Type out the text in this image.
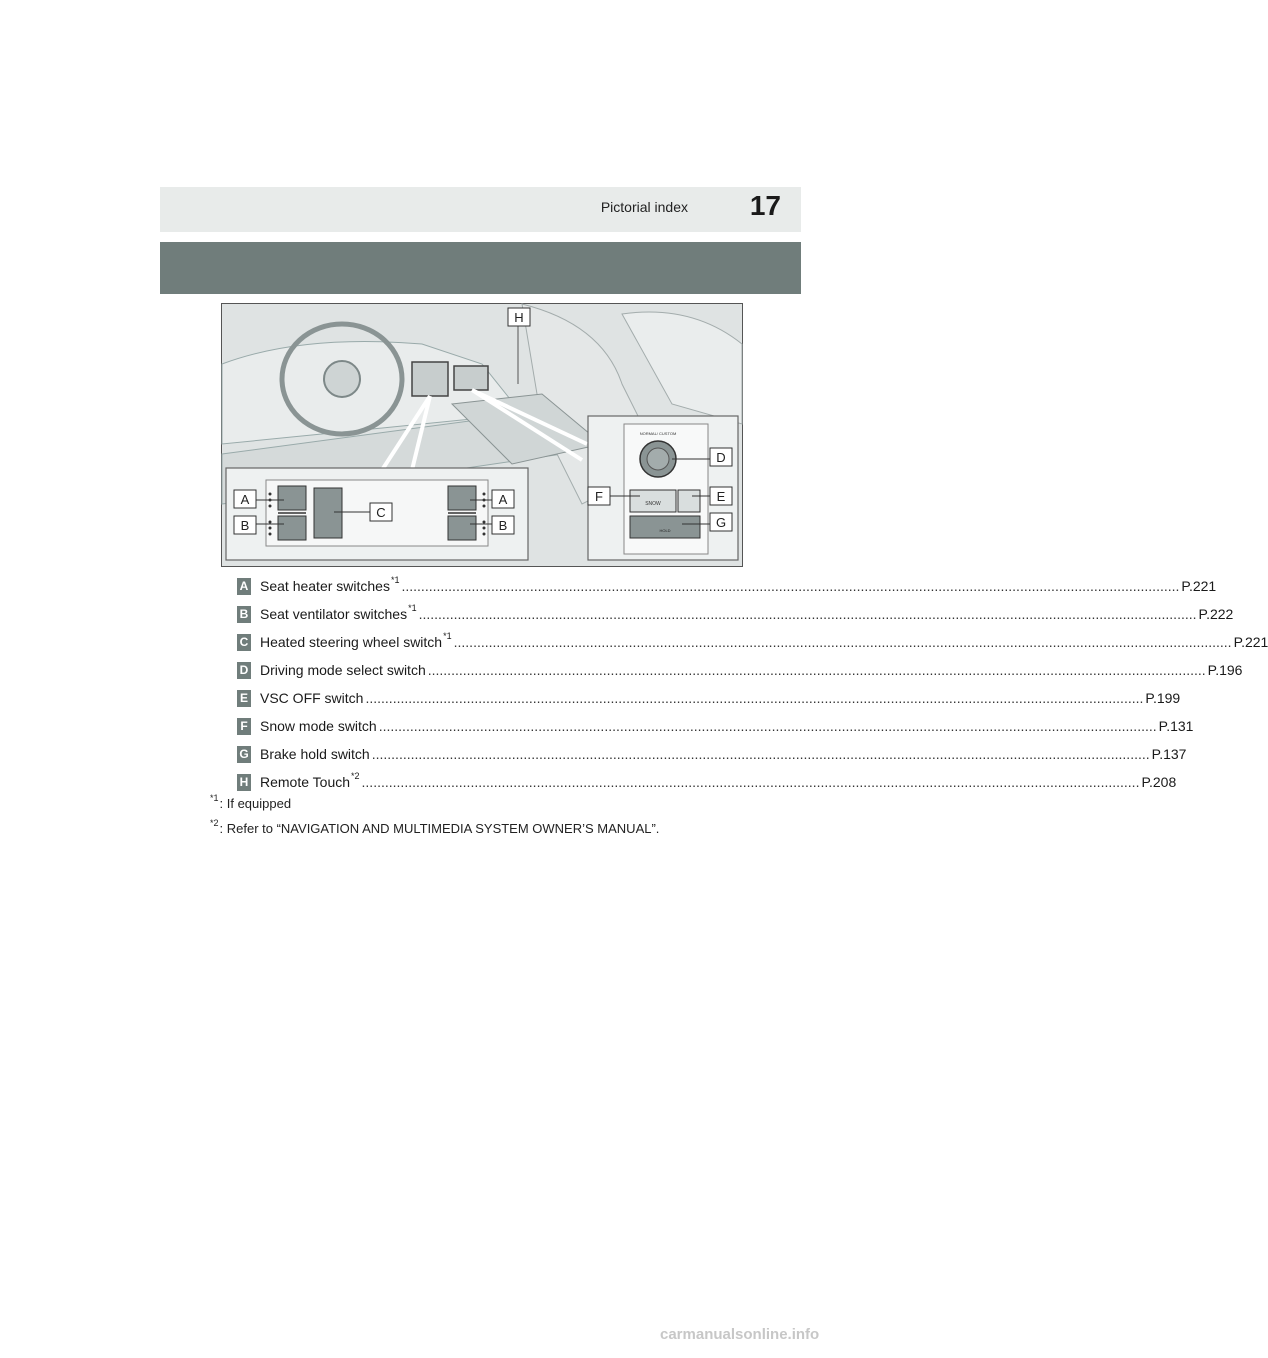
Pictorial index 17
SNOW
HOLD
NORMAL/ CUSTOM
A
B
C
A
B
D
E
F
G
H
A Seat heater switches *1 ........................................................................................................................................................................................................ P.221
B Seat ventilator switches *1 ........................................................................................................................................................................................................ P.222
C Heated steering wheel switch *1 ........................................................................................................................................................................................................ P.221
D Driving mode select switch ........................................................................................................................................................................................................ P.196
E VSC OFF switch ........................................................................................................................................................................................................ P.199
F Snow mode switch ........................................................................................................................................................................................................ P.131
G Brake hold switch ........................................................................................................................................................................................................ P.137
H Remote Touch *2 ........................................................................................................................................................................................................ P.208
*1 : If equipped
*2 : Refer to “NAVIGATION AND MULTIMEDIA SYSTEM OWNER’S MANUAL”.
carmanualsonline.info
